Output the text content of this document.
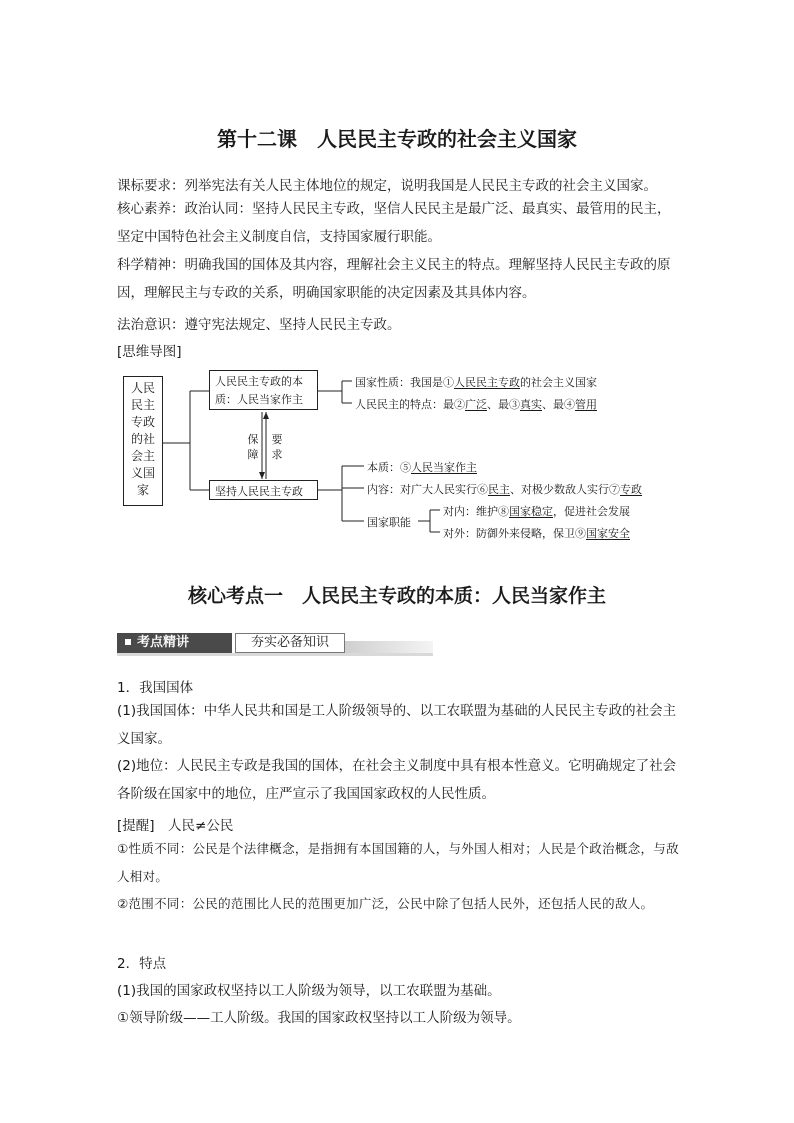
第十二课　人民民主专政的社会主义国家
课标要求：列举宪法有关人民主体地位的规定，说明我国是人民民主专政的社会主义国家。
核心素养：政治认同：坚持人民民主专政，坚信人民民主是最广泛、最真实、最管用的民主，坚定中国特色社会主义制度自信，支持国家履行职能。
科学精神：明确我国的国体及其内容，理解社会主义民主的特点。理解坚持人民民主专政的原因，理解民主与专政的关系，明确国家职能的决定因素及其具体内容。
法治意识：遵守宪法规定、坚持人民民主专政。
[思维导图]
人民
民主
专政
的社
会主
义国
家
人民民主专政的本
质：人民当家作主
保
障
要
求
坚持人民民主专政
国家性质：我国是①人民民主专政的社会主义国家
人民民主的特点：最②广泛、最③真实、最④管用
本质：⑤人民当家作主
内容：对广大人民实行⑥民主、对极少数敌人实行⑦专政
国家职能
对内：维护⑧国家稳定，促进社会发展
对外：防御外来侵略，保卫⑨国家安全
核心考点一　人民民主专政的本质：人民当家作主
考点精讲	夯实必备知识
1．我国国体
(1)我国国体：中华人民共和国是工人阶级领导的、以工农联盟为基础的人民民主专政的社会主义国家。
(2)地位：人民民主专政是我国的国体，在社会主义制度中具有根本性意义。它明确规定了社会各阶级在国家中的地位，庄严宣示了我国国家政权的人民性质。
[提醒]　人民≠公民
①性质不同：公民是个法律概念，是指拥有本国国籍的人，与外国人相对；人民是个政治概念，与敌人相对。
②范围不同：公民的范围比人民的范围更加广泛，公民中除了包括人民外，还包括人民的敌人。
2．特点
(1)我国的国家政权坚持以工人阶级为领导，以工农联盟为基础。
①领导阶级——工人阶级。我国的国家政权坚持以工人阶级为领导。
